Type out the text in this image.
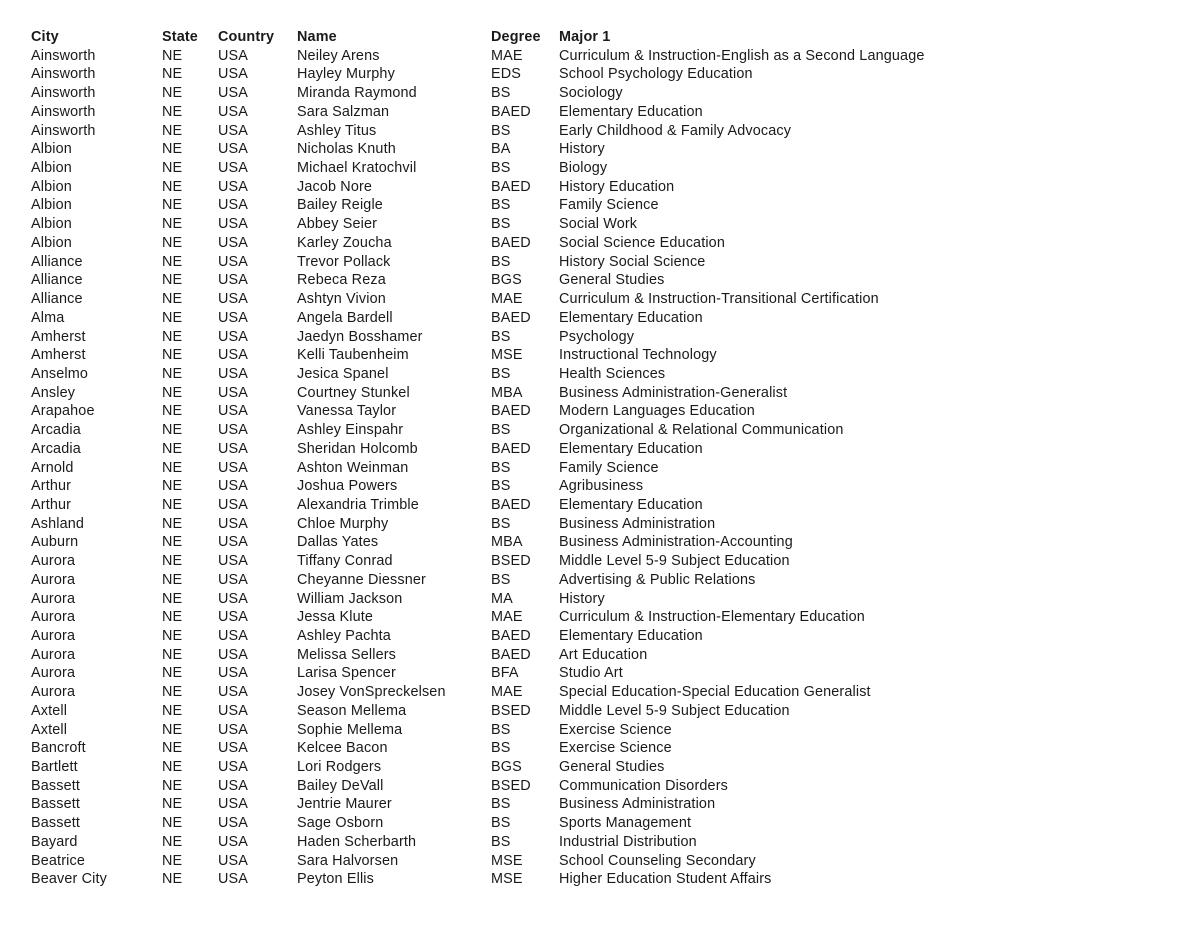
City	State	Country	Name	Degree	Major 1
Ainsworth	NE	USA	Neiley Arens	MAE	Curriculum & Instruction-English as a Second Language
Ainsworth	NE	USA	Hayley Murphy	EDS	School Psychology Education
Ainsworth	NE	USA	Miranda Raymond	BS	Sociology
Ainsworth	NE	USA	Sara Salzman	BAED	Elementary Education
Ainsworth	NE	USA	Ashley Titus	BS	Early Childhood & Family Advocacy
Albion	NE	USA	Nicholas Knuth	BA	History
Albion	NE	USA	Michael Kratochvil	BS	Biology
Albion	NE	USA	Jacob Nore	BAED	History Education
Albion	NE	USA	Bailey Reigle	BS	Family Science
Albion	NE	USA	Abbey Seier	BS	Social Work
Albion	NE	USA	Karley Zoucha	BAED	Social Science Education
Alliance	NE	USA	Trevor Pollack	BS	History Social Science
Alliance	NE	USA	Rebeca Reza	BGS	General Studies
Alliance	NE	USA	Ashtyn Vivion	MAE	Curriculum & Instruction-Transitional Certification
Alma	NE	USA	Angela Bardell	BAED	Elementary Education
Amherst	NE	USA	Jaedyn Bosshamer	BS	Psychology
Amherst	NE	USA	Kelli Taubenheim	MSE	Instructional Technology
Anselmo	NE	USA	Jesica Spanel	BS	Health Sciences
Ansley	NE	USA	Courtney Stunkel	MBA	Business Administration-Generalist
Arapahoe	NE	USA	Vanessa Taylor	BAED	Modern Languages Education
Arcadia	NE	USA	Ashley Einspahr	BS	Organizational & Relational Communication
Arcadia	NE	USA	Sheridan Holcomb	BAED	Elementary Education
Arnold	NE	USA	Ashton Weinman	BS	Family Science
Arthur	NE	USA	Joshua Powers	BS	Agribusiness
Arthur	NE	USA	Alexandria Trimble	BAED	Elementary Education
Ashland	NE	USA	Chloe Murphy	BS	Business Administration
Auburn	NE	USA	Dallas Yates	MBA	Business Administration-Accounting
Aurora	NE	USA	Tiffany Conrad	BSED	Middle Level 5-9 Subject Education
Aurora	NE	USA	Cheyanne Diessner	BS	Advertising & Public Relations
Aurora	NE	USA	William Jackson	MA	History
Aurora	NE	USA	Jessa Klute	MAE	Curriculum & Instruction-Elementary Education
Aurora	NE	USA	Ashley Pachta	BAED	Elementary Education
Aurora	NE	USA	Melissa Sellers	BAED	Art Education
Aurora	NE	USA	Larisa Spencer	BFA	Studio Art
Aurora	NE	USA	Josey VonSpreckelsen	MAE	Special Education-Special Education Generalist
Axtell	NE	USA	Season Mellema	BSED	Middle Level 5-9 Subject Education
Axtell	NE	USA	Sophie Mellema	BS	Exercise Science
Bancroft	NE	USA	Kelcee Bacon	BS	Exercise Science
Bartlett	NE	USA	Lori Rodgers	BGS	General Studies
Bassett	NE	USA	Bailey DeVall	BSED	Communication Disorders
Bassett	NE	USA	Jentrie Maurer	BS	Business Administration
Bassett	NE	USA	Sage Osborn	BS	Sports Management
Bayard	NE	USA	Haden Scherbarth	BS	Industrial Distribution
Beatrice	NE	USA	Sara Halvorsen	MSE	School Counseling Secondary
Beaver City	NE	USA	Peyton Ellis	MSE	Higher Education Student Affairs
